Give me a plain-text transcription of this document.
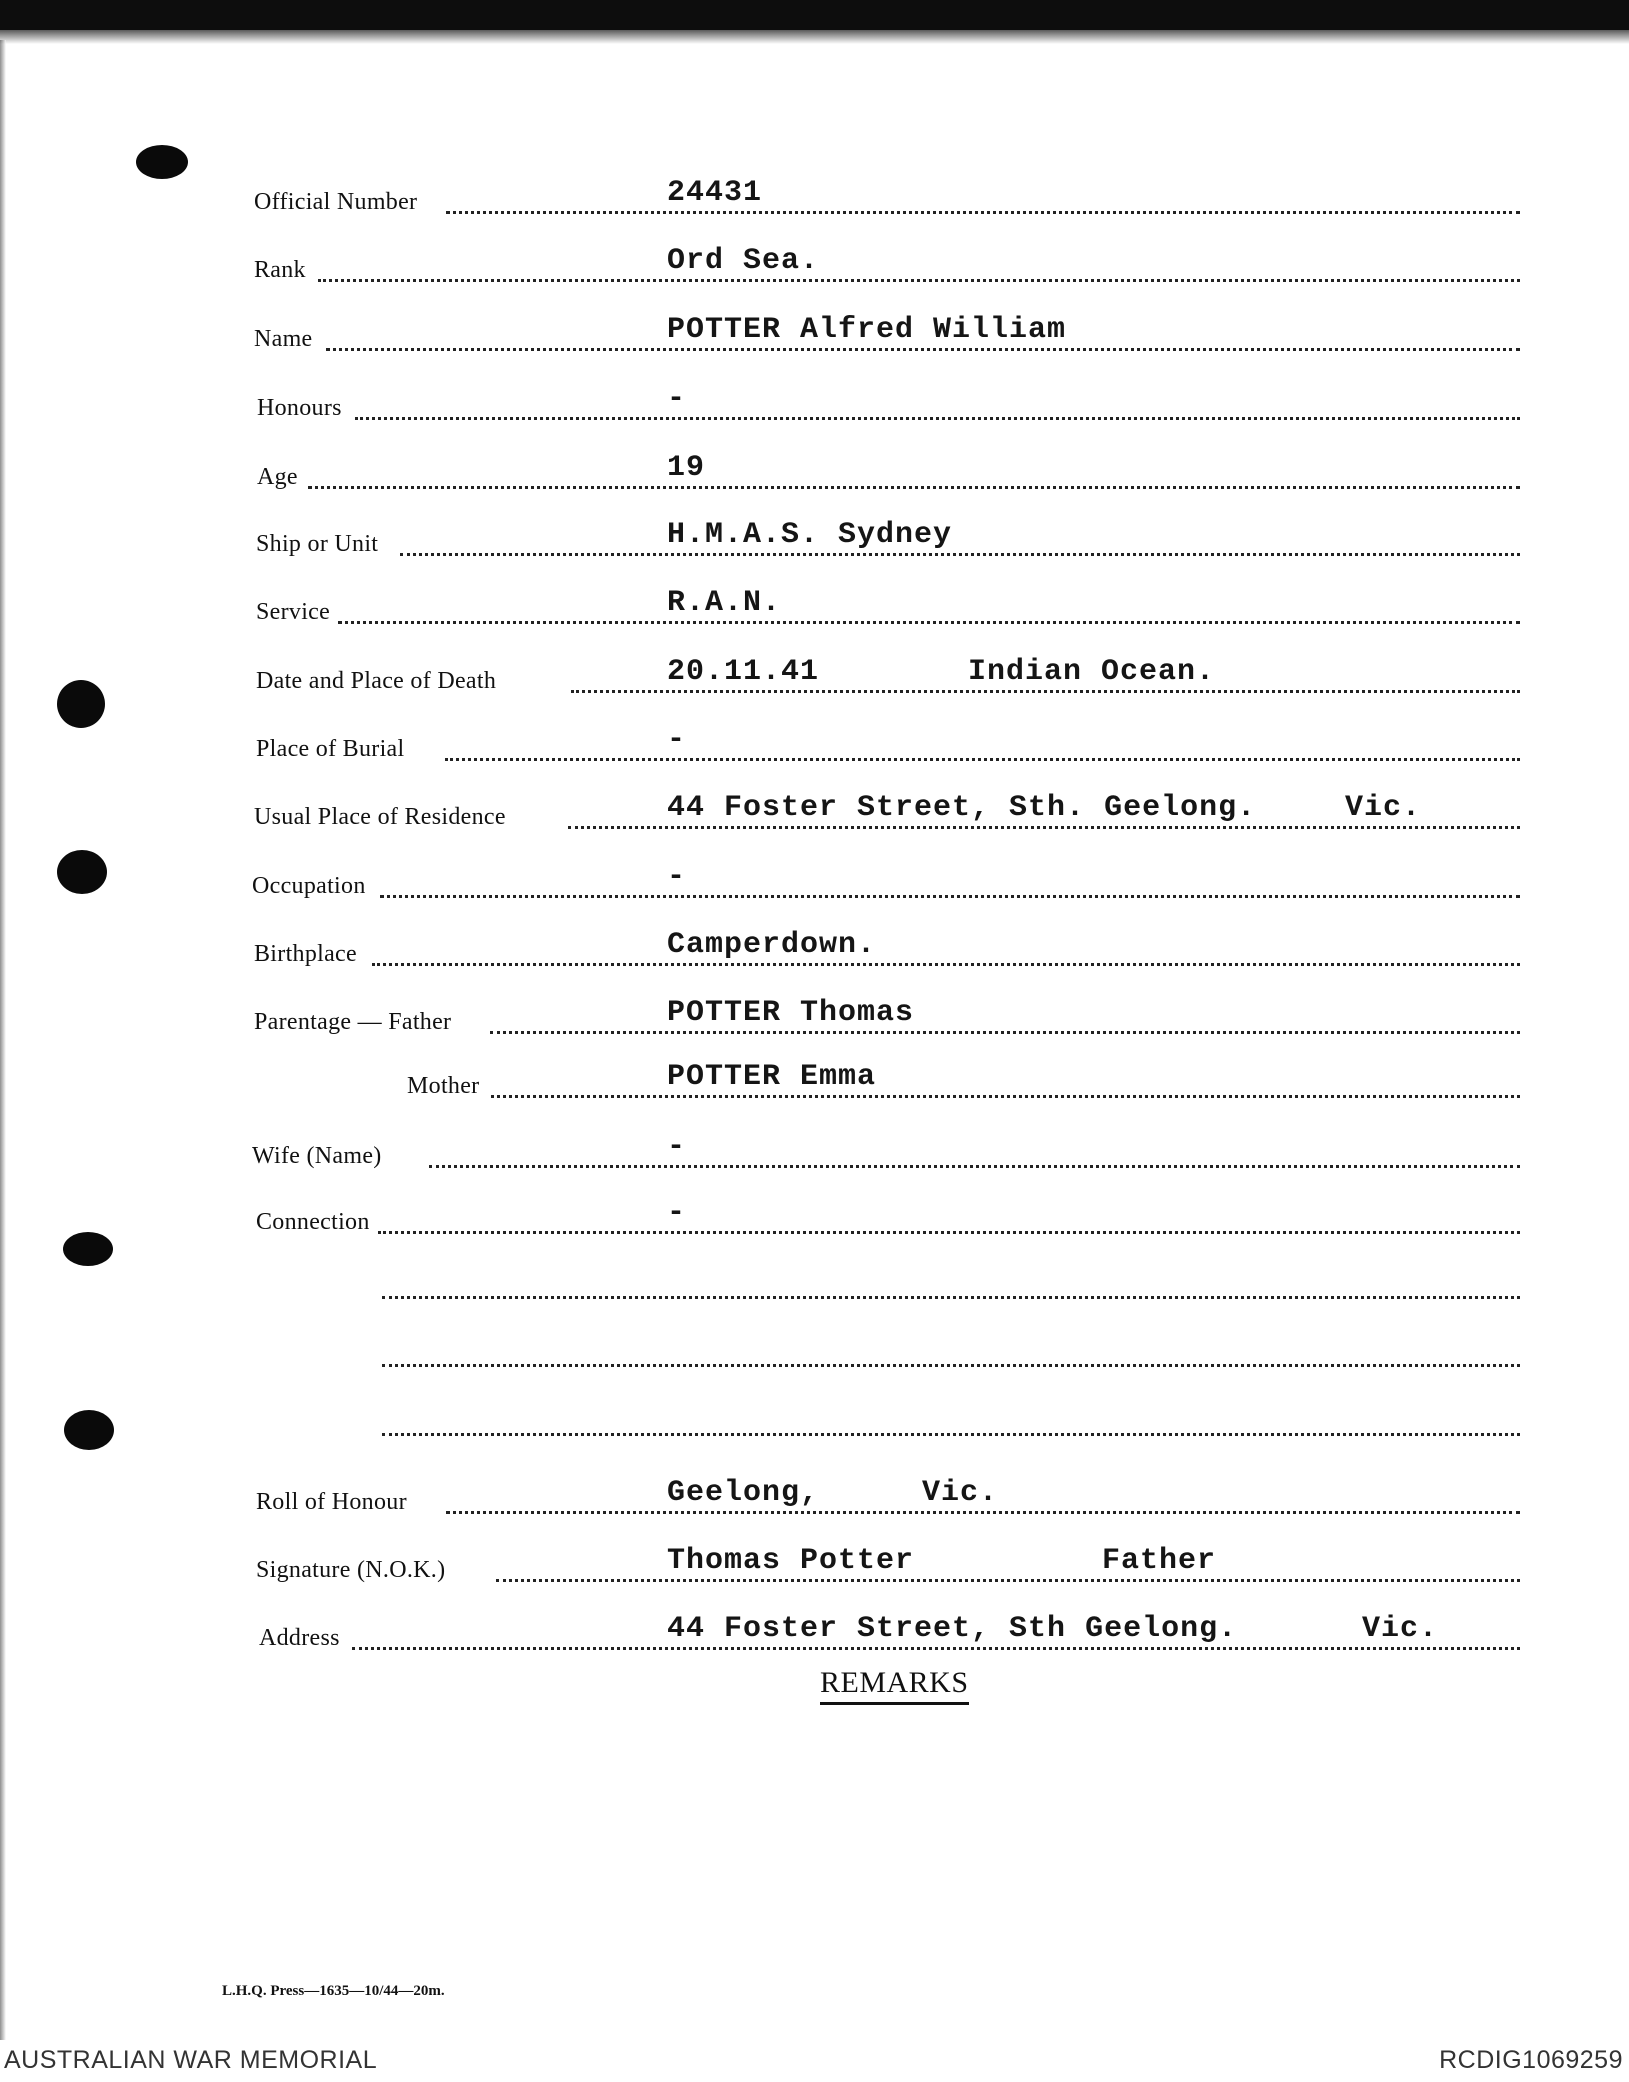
Official Number	24431
Rank	Ord Sea.
Name	POTTER Alfred William
Honours	-
Age	19
Ship or Unit	H.M.A.S. Sydney
Service	R.A.N.
Date and Place of Death	20.11.41	Indian Ocean.
Place of Burial	-
Usual Place of Residence	44 Foster Street, Sth. Geelong.	Vic.
Occupation	-
Birthplace	Camperdown.
Parentage — Father	POTTER Thomas
Mother	POTTER Emma
Wife (Name)	-
Connection	-
Roll of Honour	Geelong,	Vic.
Signature (N.O.K.)	Thomas Potter	Father
Address	44 Foster Street, Sth Geelong.	Vic.
REMARKS
L.H.Q. Press—1635—10/44—20m.
AUSTRALIAN WAR MEMORIAL	RCDIG1069259
